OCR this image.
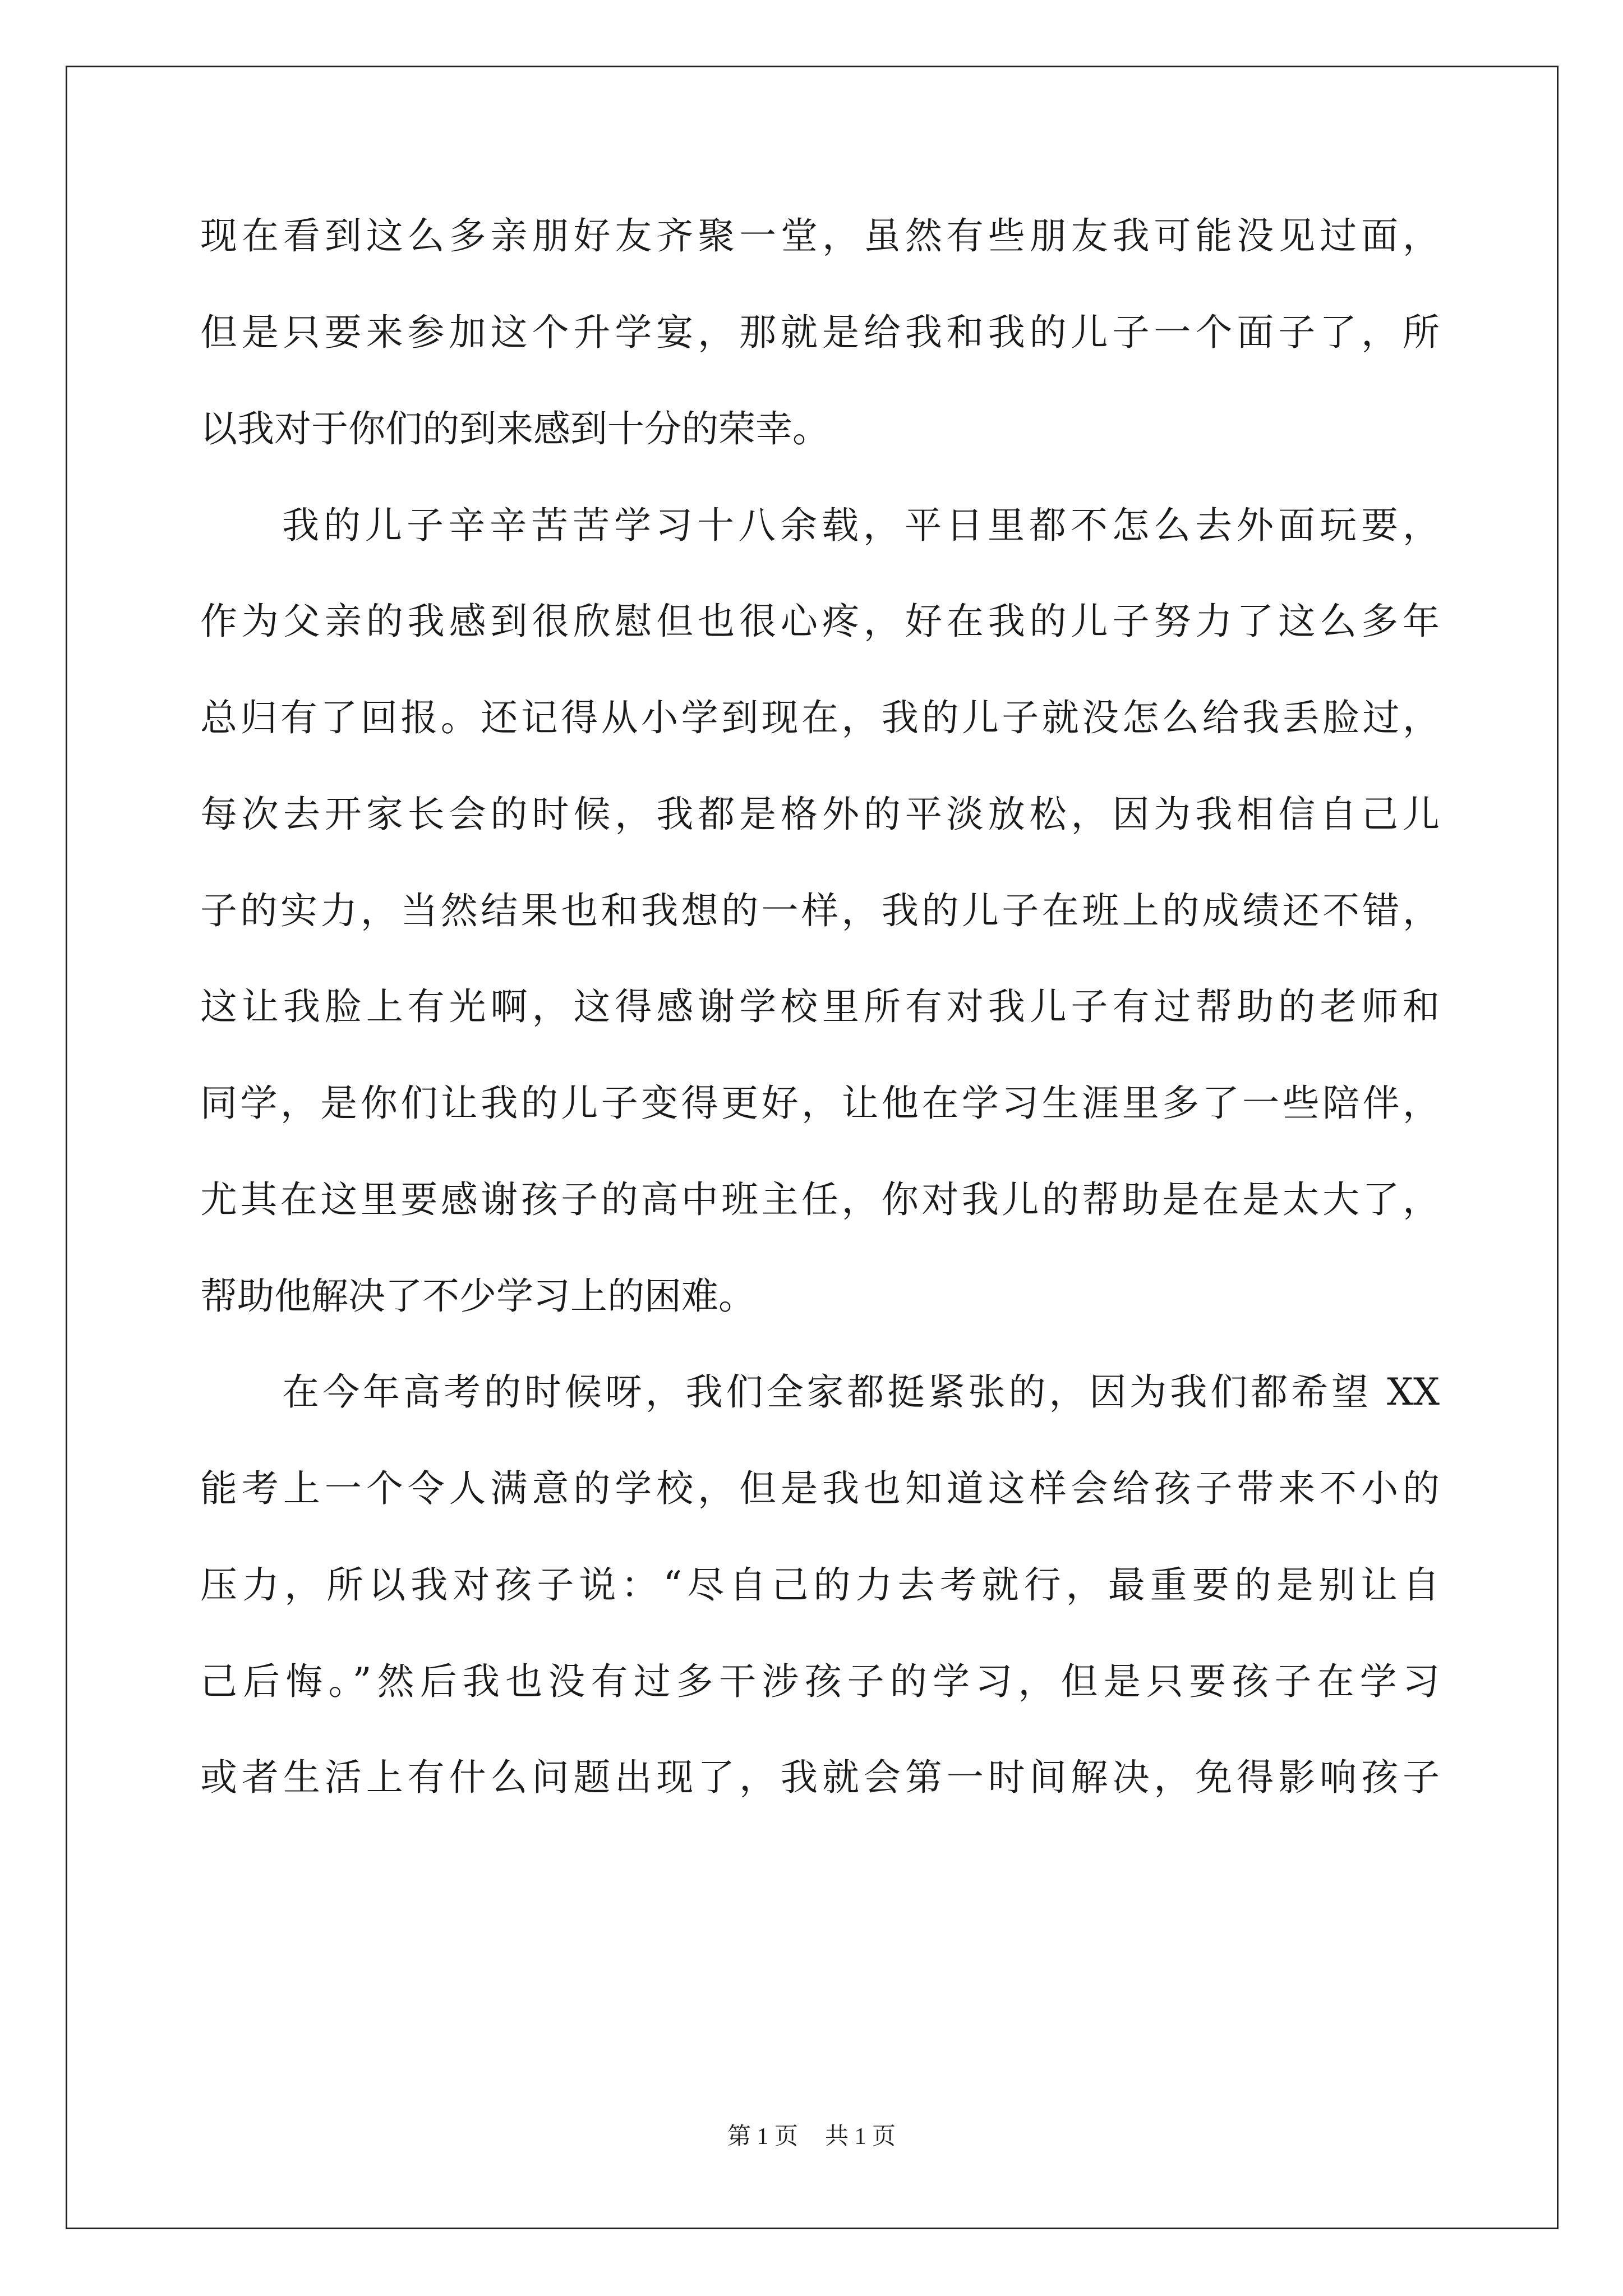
现在看到这么多亲朋好友齐聚一堂，虽然有些朋友我可能没见过面，
但是只要来参加这个升学宴，那就是给我和我的儿子一个面子了，所
以我对于你们的到来感到十分的荣幸。
我的儿子辛辛苦苦学习十八余载，平日里都不怎么去外面玩要，
作为父亲的我感到很欣慰但也很心疼，好在我的儿子努力了这么多年
总归有了回报。还记得从小学到现在，我的儿子就没怎么给我丢脸过，
每次去开家长会的时候，我都是格外的平淡放松，因为我相信自己儿
子的实力，当然结果也和我想的一样，我的儿子在班上的成绩还不错，
这让我脸上有光啊，这得感谢学校里所有对我儿子有过帮助的老师和
同学，是你们让我的儿子变得更好，让他在学习生涯里多了一些陪伴，
尤其在这里要感谢孩子的高中班主任，你对我儿的帮助是在是太大了，
帮助他解决了不少学习上的困难。
在今年高考的时候呀，我们全家都挺紧张的，因为我们都希望 XX
能考上一个令人满意的学校，但是我也知道这样会给孩子带来不小的
压力，所以我对孩子说：“尽自己的力去考就行，最重要的是别让自
己后悔。”然后我也没有过多干涉孩子的学习，但是只要孩子在学习
或者生活上有什么问题出现了，我就会第一时间解决，免得影响孩子
第 1 页 共 1 页
